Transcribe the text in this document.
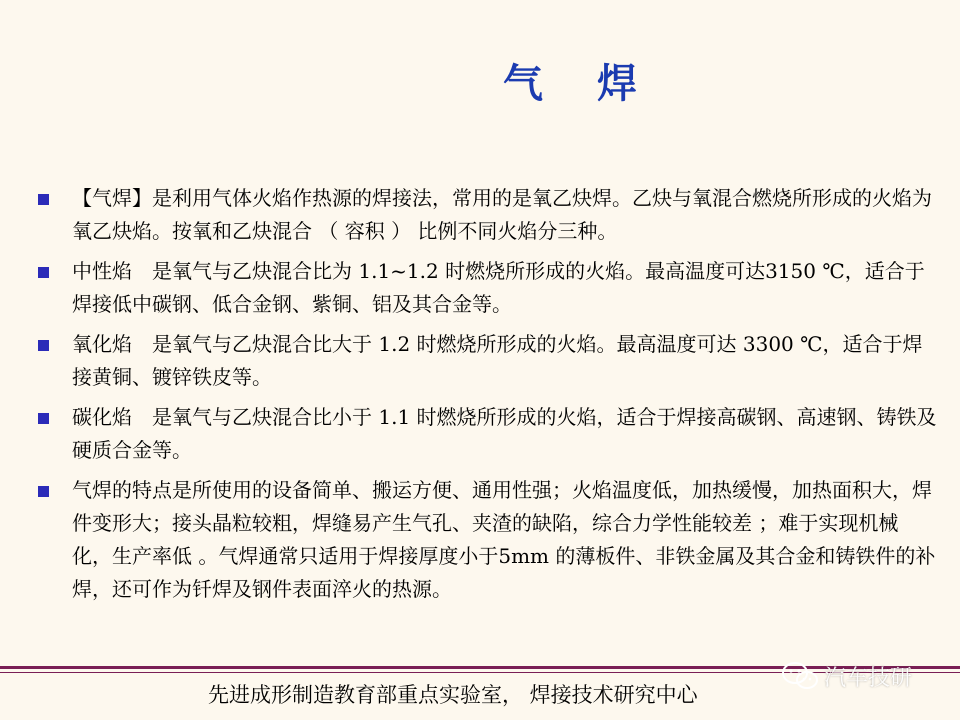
气 焊
【气焊】是利用气体火焰作热源的焊接法，常用的是氧乙炔焊。乙炔与氧混合燃烧所形成的火焰为氧乙炔焰。按氧和乙炔混合 （ 容积 ） 比例不同火焰分三种。
中性焰　是氧气与乙炔混合比为 1.1~1.2 时燃烧所形成的火焰。最高温度可达3150 ℃，适合于焊接低中碳钢、低合金钢、紫铜、铝及其合金等。
氧化焰　是氧气与乙炔混合比大于 1.2 时燃烧所形成的火焰。最高温度可达 3300 ℃，适合于焊接黄铜、镀锌铁皮等。
碳化焰　是氧气与乙炔混合比小于 1.1 时燃烧所形成的火焰，适合于焊接高碳钢、高速钢、铸铁及硬质合金等。
气焊的特点是所使用的设备简单、搬运方便、通用性强；火焰温度低，加热缓慢，加热面积大，焊件变形大；接头晶粒较粗，焊缝易产生气孔、夹渣的缺陷，综合力学性能较差 ；难于实现机械化，生产率低 。气焊通常只适用于焊接厚度小于5mm 的薄板件、非铁金属及其合金和铸铁件的补焊，还可作为钎焊及钢件表面淬火的热源。
先进成形制造教育部重点实验室， 焊接技术研究中心
汽车技研
